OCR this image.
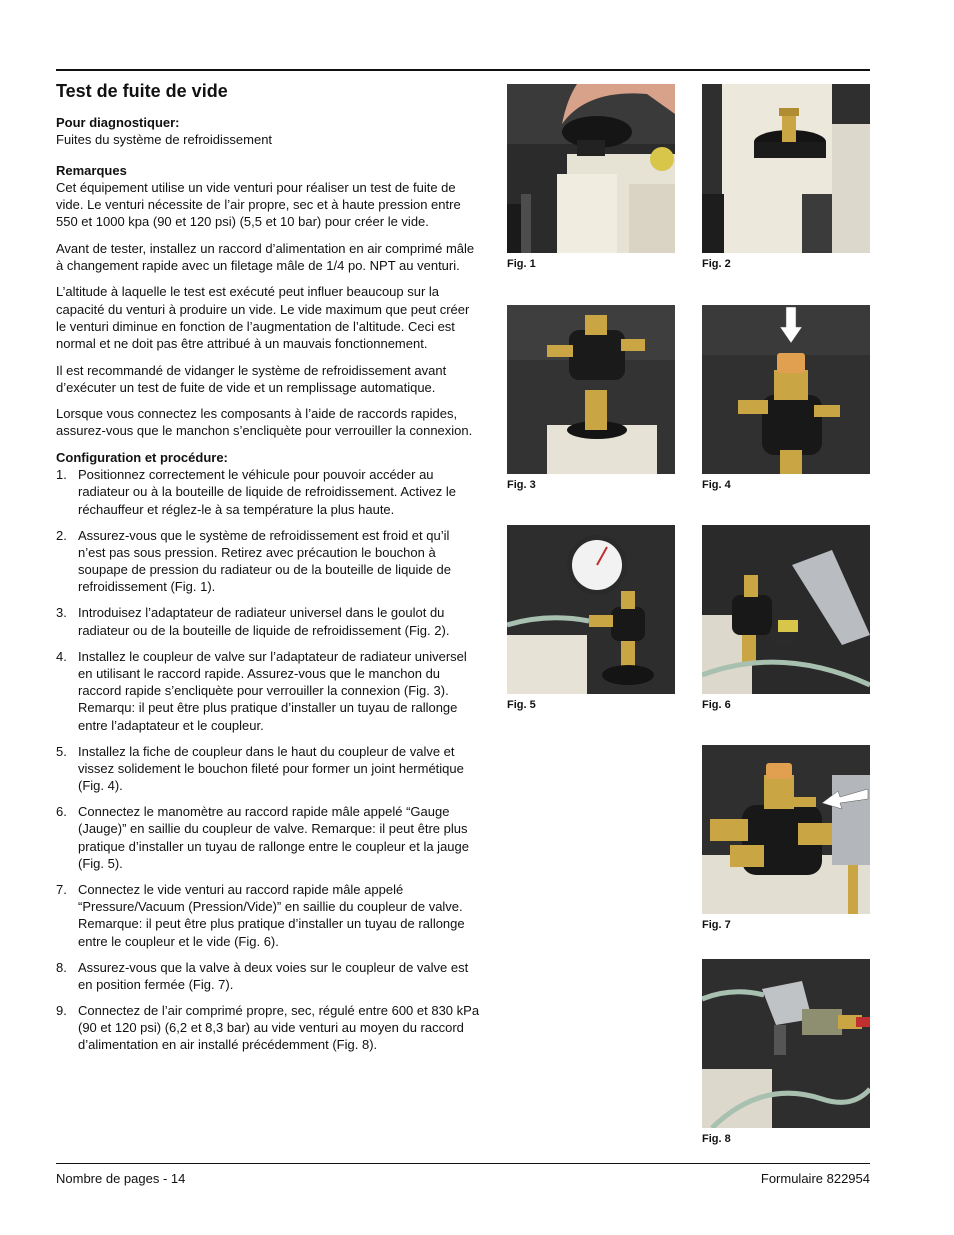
Test de fuite de vide

Pour diagnostiquer:

Fuites du système de refroidissement

Remarques

Cet équipement utilise un vide venturi pour réaliser un test de fuite de vide. Le venturi nécessite de l’air propre, sec et à haute pression entre 550 et 1000 kpa (90 et 120 psi) (5,5 et 10 bar) pour créer le vide.

Avant de tester, installez un raccord d’alimentation en air comprimé mâle à changement rapide avec un filetage mâle de 1/4 po. NPT au venturi.

L’altitude à laquelle le test est exécuté peut influer beaucoup sur la capacité du venturi à produire un vide. Le vide maximum que peut créer le venturi diminue en fonction de l’augmentation de l’altitude. Ceci est normal et ne doit pas être attribué à un mauvais fonctionnement.

Il est recommandé de vidanger le système de refroidissement avant d’exécuter un test de fuite de vide et un remplissage automatique.

Lorsque vous connectez les composants à l’aide de raccords rapides, assurez-vous que le manchon s’encliquète pour verrouiller la connexion.

Configuration et procédure:

1. Positionnez correctement le véhicule pour pouvoir accéder au radiateur ou à la bouteille de liquide de refroidissement. Activez le réchauffeur et réglez-le à sa température la plus haute.
2. Assurez-vous que le système de refroidissement est froid et qu’il n’est pas sous pression. Retirez avec précaution le bouchon à soupape de pression du radiateur ou de la bouteille de liquide de refroidissement (Fig. 1).
3. Introduisez l’adaptateur de radiateur universel dans le goulot du radiateur ou de la bouteille de liquide de refroidissement (Fig. 2).
4. Installez le coupleur de valve sur l’adaptateur de radiateur universel en utilisant le raccord rapide. Assurez-vous que le manchon du raccord rapide s’encliquète pour verrouiller la connexion (Fig. 3). Remarqu: il peut être plus pratique d’installer un tuyau de rallonge entre l’adaptateur et le coupleur.
5. Installez la fiche de coupleur dans le haut du coupleur de valve et vissez solidement le bouchon fileté pour former un joint hermétique (Fig. 4).
6. Connectez le manomètre au raccord rapide mâle appelé “Gauge (Jauge)” en saillie du coupleur de valve. Remarque: il peut être plus pratique d’installer un tuyau de rallonge entre le coupleur et la jauge (Fig. 5).
7. Connectez le vide venturi au raccord rapide mâle appelé “Pressure/Vacuum (Pression/Vide)” en saillie du coupleur de valve. Remarque: il peut être plus pratique d’installer un tuyau de rallonge entre le coupleur et le vide (Fig. 6).
8. Assurez-vous que la valve à deux voies sur le coupleur de valve est en position fermée (Fig. 7).
9. Connectez de l’air comprimé propre, sec, régulé entre 600 et 830 kPa (90 et 120 psi) (6,2 et 8,3 bar) au vide venturi au moyen du raccord d’alimentation en air installé précédemment (Fig. 8).
Fig. 1	Fig. 2
Fig. 3	Fig. 4
Fig. 5	Fig. 6
Fig. 7
Fig. 8
Nombre de pages - 14	Formulaire 822954
